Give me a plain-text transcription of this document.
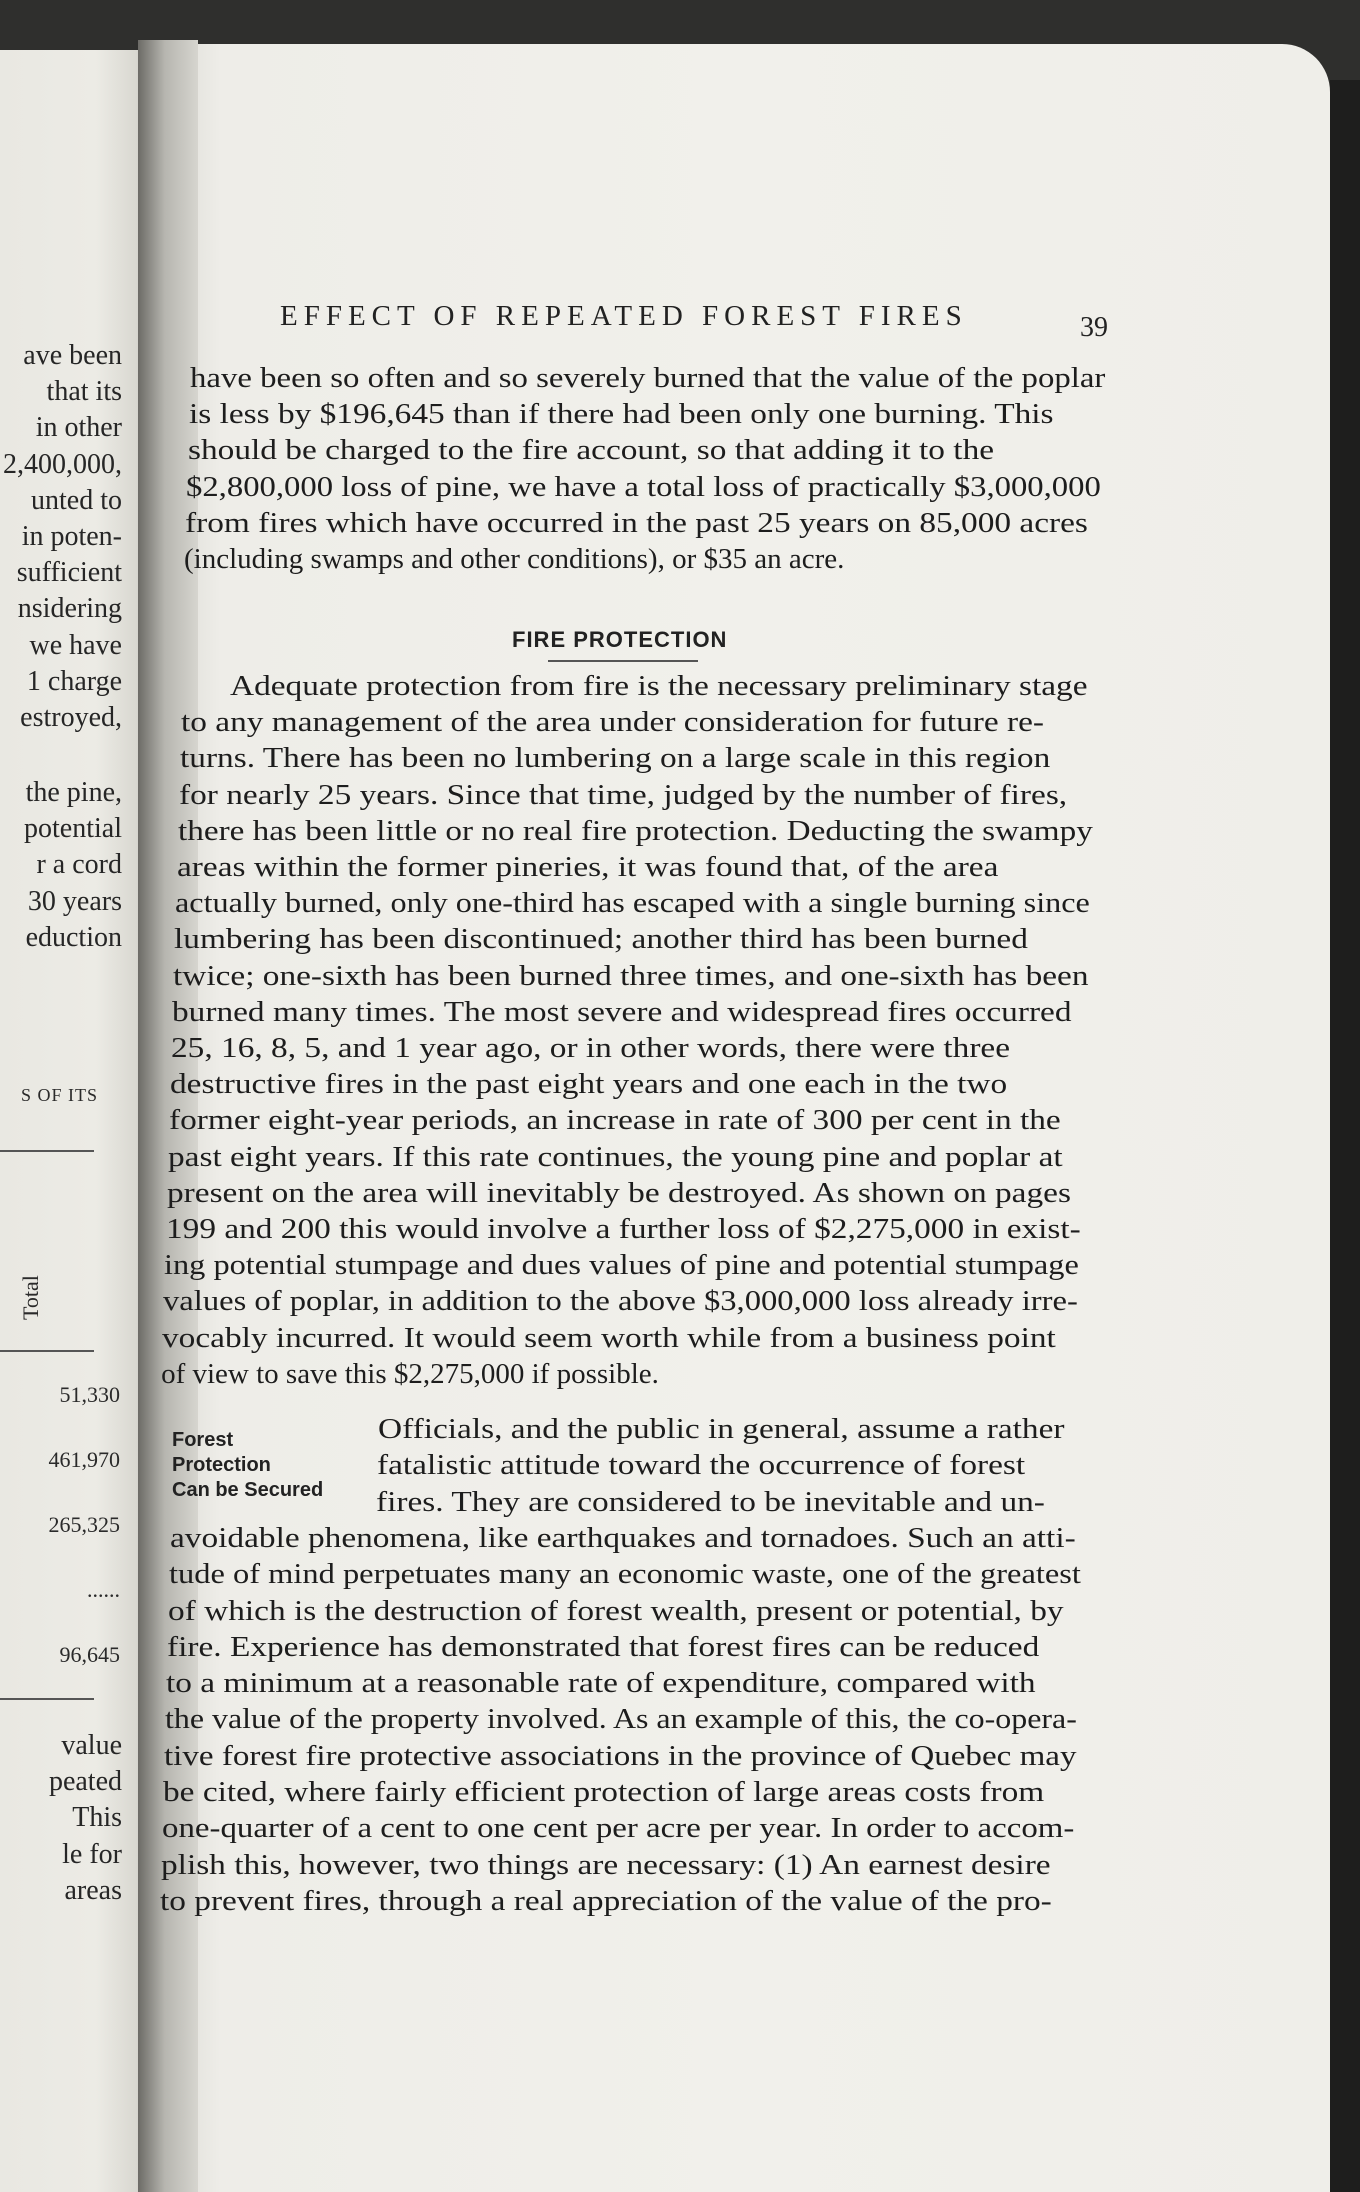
S OF ITS
Total
ave been
that its
in other
2,400,000,
unted to
in poten-
sufficient
nsidering
we have
1 charge
estroyed,
the pine,
potential
r a cord
30 years
eduction
value
peated
This
le for
areas
51,330
461,970
265,325
......
96,645
EFFECT OF REPEATED FOREST FIRES	39
FIRE PROTECTION
Forest
Protection
Can be Secured
have been so often and so severely burned that the value of the poplar
is less by $196,645 than if there had been only one burning. This
should be charged to the fire account, so that adding it to the
$2,800,000 loss of pine, we have a total loss of practically $3,000,000
from fires which have occurred in the past 25 years on 85,000 acres
(including swamps and other conditions), or $35 an acre.
Adequate protection from fire is the necessary preliminary stage
to any management of the area under consideration for future re-
turns. There has been no lumbering on a large scale in this region
for nearly 25 years. Since that time, judged by the number of fires,
there has been little or no real fire protection. Deducting the swampy
areas within the former pineries, it was found that, of the area
actually burned, only one-third has escaped with a single burning since
lumbering has been discontinued; another third has been burned
twice; one-sixth has been burned three times, and one-sixth has been
burned many times. The most severe and widespread fires occurred
25, 16, 8, 5, and 1 year ago, or in other words, there were three
destructive fires in the past eight years and one each in the two
former eight-year periods, an increase in rate of 300 per cent in the
past eight years. If this rate continues, the young pine and poplar at
present on the area will inevitably be destroyed. As shown on pages
199 and 200 this would involve a further loss of $2,275,000 in exist-
ing potential stumpage and dues values of pine and potential stumpage
values of poplar, in addition to the above $3,000,000 loss already irre-
vocably incurred. It would seem worth while from a business point
of view to save this $2,275,000 if possible.
Officials, and the public in general, assume a rather
fatalistic attitude toward the occurrence of forest
fires. They are considered to be inevitable and un-
avoidable phenomena, like earthquakes and tornadoes. Such an atti-
tude of mind perpetuates many an economic waste, one of the greatest
of which is the destruction of forest wealth, present or potential, by
fire. Experience has demonstrated that forest fires can be reduced
to a minimum at a reasonable rate of expenditure, compared with
the value of the property involved. As an example of this, the co-opera-
tive forest fire protective associations in the province of Quebec may
be cited, where fairly efficient protection of large areas costs from
one-quarter of a cent to one cent per acre per year. In order to accom-
plish this, however, two things are necessary: (1) An earnest desire
to prevent fires, through a real appreciation of the value of the pro-
